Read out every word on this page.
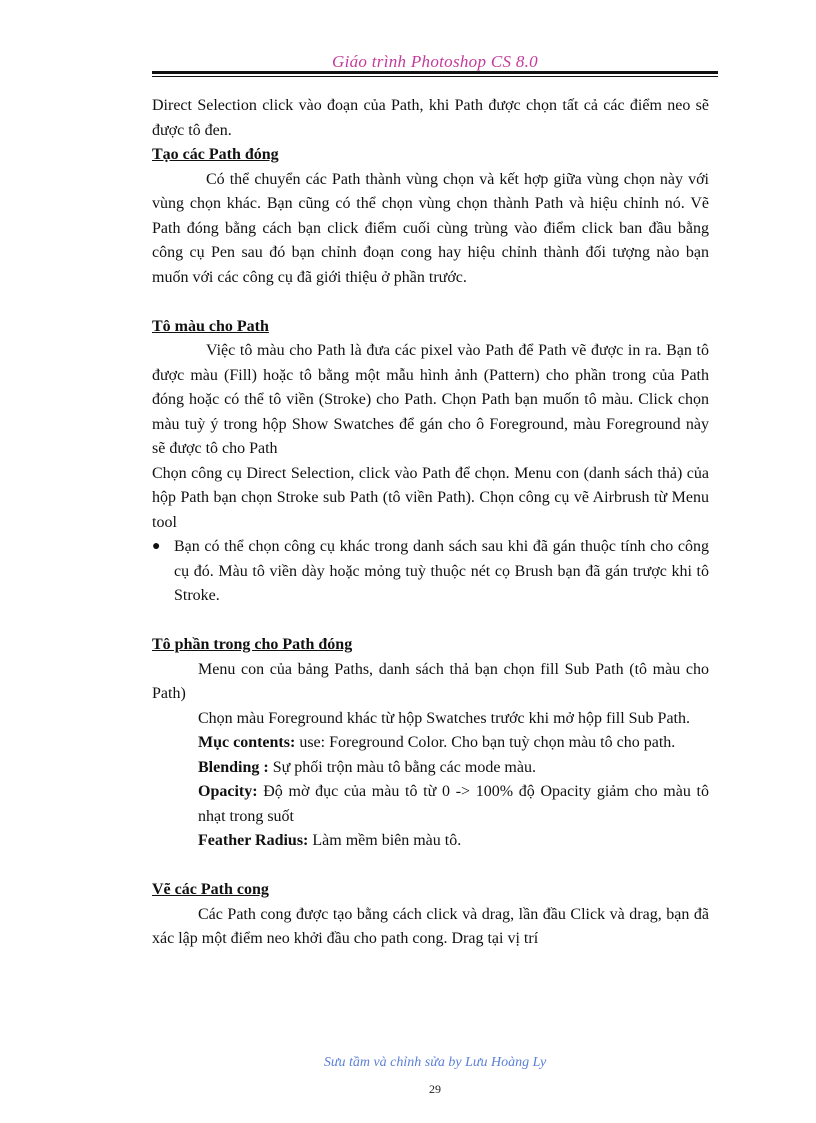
Giáo trình Photoshop CS 8.0

Direct Selection click vào đoạn của Path, khi Path được chọn tất cả các điểm neo sẽ được tô đen.

Tạo các Path đóng

Có thể chuyển các Path thành vùng chọn và kết hợp giữa vùng chọn này với vùng chọn khác. Bạn cũng có thể chọn vùng chọn thành Path và hiệu chỉnh nó. Vẽ Path đóng bằng cách bạn click điểm cuối cùng trùng vào điểm click ban đầu bằng công cụ Pen sau đó bạn chỉnh đoạn cong hay hiệu chỉnh thành đối tượng nào bạn muốn với các công cụ đã giới thiệu ở phần trước.

Tô màu cho Path

Việc tô màu cho Path là đưa các pixel vào Path để Path vẽ được in ra. Bạn tô được màu (Fill) hoặc tô bằng một mẫu hình ảnh (Pattern) cho phần trong của Path đóng hoặc có thể tô viền (Stroke) cho Path. Chọn Path bạn muốn tô màu. Click chọn màu tuỳ ý trong hộp Show Swatches để gán cho ô Foreground, màu Foreground này sẽ được tô cho Path

Chọn công cụ Direct Selection, click vào Path để chọn. Menu con (danh sách thả) của hộp Path bạn chọn Stroke sub Path (tô viền Path). Chọn công cụ vẽ Airbrush từ Menu tool

● Bạn có thể chọn công cụ khác trong danh sách sau khi đã gán thuộc tính cho công cụ đó. Màu tô viền dày hoặc mỏng tuỳ thuộc nét cọ Brush bạn đã gán trược khi tô Stroke.

Tô phần trong cho Path đóng

Menu con của bảng Paths, danh sách thả bạn chọn fill Sub Path (tô màu cho Path)

Chọn màu Foreground khác từ hộp Swatches trước khi mở hộp fill Sub Path.

Mục contents: use: Foreground Color. Cho bạn tuỳ chọn màu tô cho path.

Blending : Sự phối trộn màu tô bằng các mode màu.

Opacity: Độ mờ đục của màu tô từ 0 -> 100% độ Opacity giảm cho màu tô nhạt trong suốt

Feather Radius: Làm mềm biên màu tô.

Vẽ các Path cong

Các Path cong được tạo bằng cách click và drag, lần đầu Click và drag, bạn đã xác lập một điểm neo khởi đầu cho path cong. Drag tại vị trí

Sưu tầm và chỉnh sửa by Lưu Hoàng Ly
29
